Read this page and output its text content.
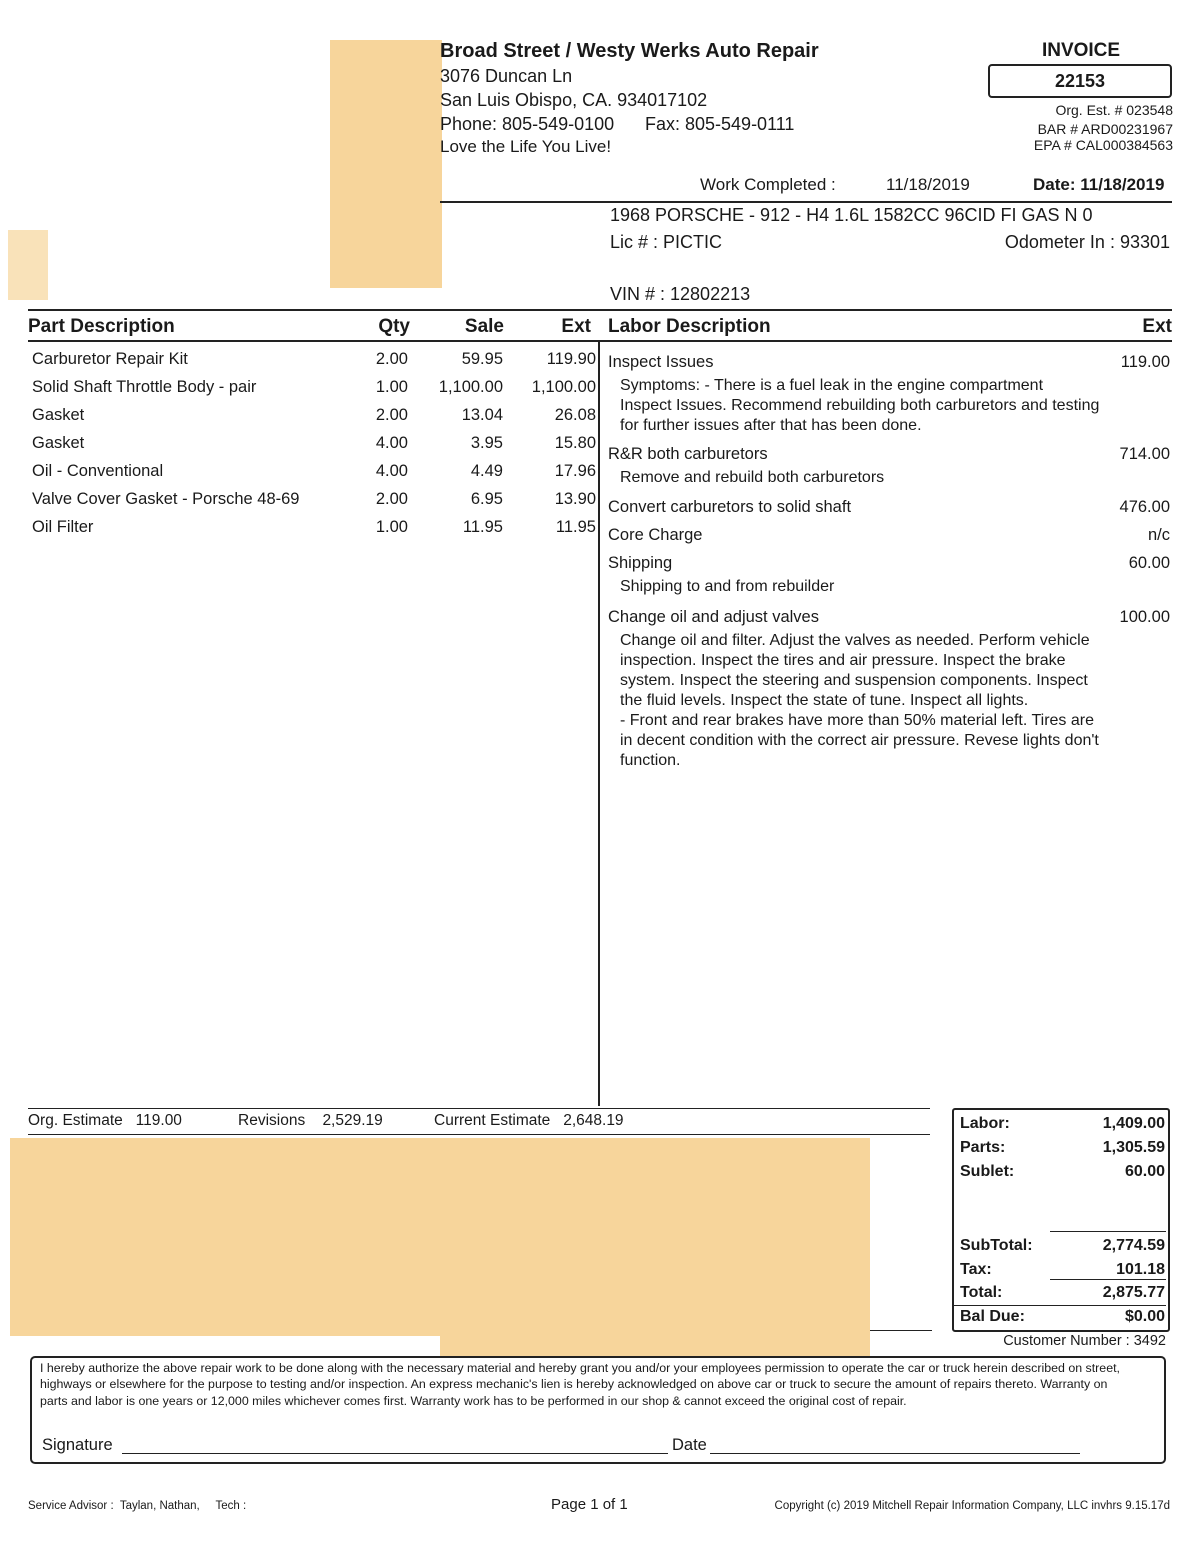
Broad Street / Westy Werks Auto Repair
3076 Duncan Ln
San Luis Obispo, CA. 934017102
Phone: 805-549-0100 Fax: 805-549-0111
Love the Life You Live!
INVOICE
22153
Org. Est. # 023548
BAR # ARD00231967
EPA # CAL000384563
Work Completed :	11/18/2019	Date: 11/18/2019
1968 PORSCHE - 912 - H4 1.6L 1582CC 96CID FI GAS N 0
Lic # : PICTIC	Odometer In : 93301
VIN # : 12802213
Part Description	Qty	Sale	Ext Labor Description	Ext
Carburetor Repair Kit	2.00	59.95	119.90
Solid Shaft Throttle Body - pair	1.00 1,100.00 1,100.00
Gasket	2.00	13.04	26.08
Gasket	4.00	3.95	15.80
Oil - Conventional	4.00	4.49	17.96
Valve Cover Gasket - Porsche 48-69	2.00	6.95	13.90
Oil Filter	1.00	11.95	11.95
Inspect Issues	119.00
Symptoms: - There is a fuel leak in the engine compartment
Inspect Issues. Recommend rebuilding both carburetors and testing
for further issues after that has been done.
R&R both carburetors	714.00
Remove and rebuild both carburetors
Convert carburetors to solid shaft	476.00
Core Charge	n/c
Shipping	60.00
Shipping to and from rebuilder
Change oil and adjust valves	100.00
Change oil and filter. Adjust the valves as needed. Perform vehicle
inspection. Inspect the tires and air pressure. Inspect the brake
system. Inspect the steering and suspension components. Inspect
the fluid levels. Inspect the state of tune. Inspect all lights.
- Front and rear brakes have more than 50% material left. Tires are
in decent condition with the correct air pressure. Revese lights don't
function.
Org. Estimate 119.00	Revisions 2,529.19	Current Estimate 2,648.19	Labor:	1,409.00
Parts:	1,305.59
Sublet:	60.00
SubTotal:	2,774.59
Tax:	101.18
Total:	2,875.77
Bal Due:	$0.00
Customer Number : 3492
I hereby authorize the above repair work to be done along with the necessary material and hereby grant you and/or your employees permission to operate the car or truck herein described on street, highways or elsewhere for the purpose to testing and/or inspection. An express mechanic's lien is hereby acknowledged on above car or truck to secure the amount of repairs thereto. Warranty on parts and labor is one years or 12,000 miles whichever comes first. Warranty work has to be performed in our shop & cannot exceed the original cost of repair.
Signature	Date
Service Advisor :  Taylan, Nathan,     Tech :	Page 1 of 1	Copyright (c) 2019 Mitchell Repair Information Company, LLC invhrs 9.15.17d
